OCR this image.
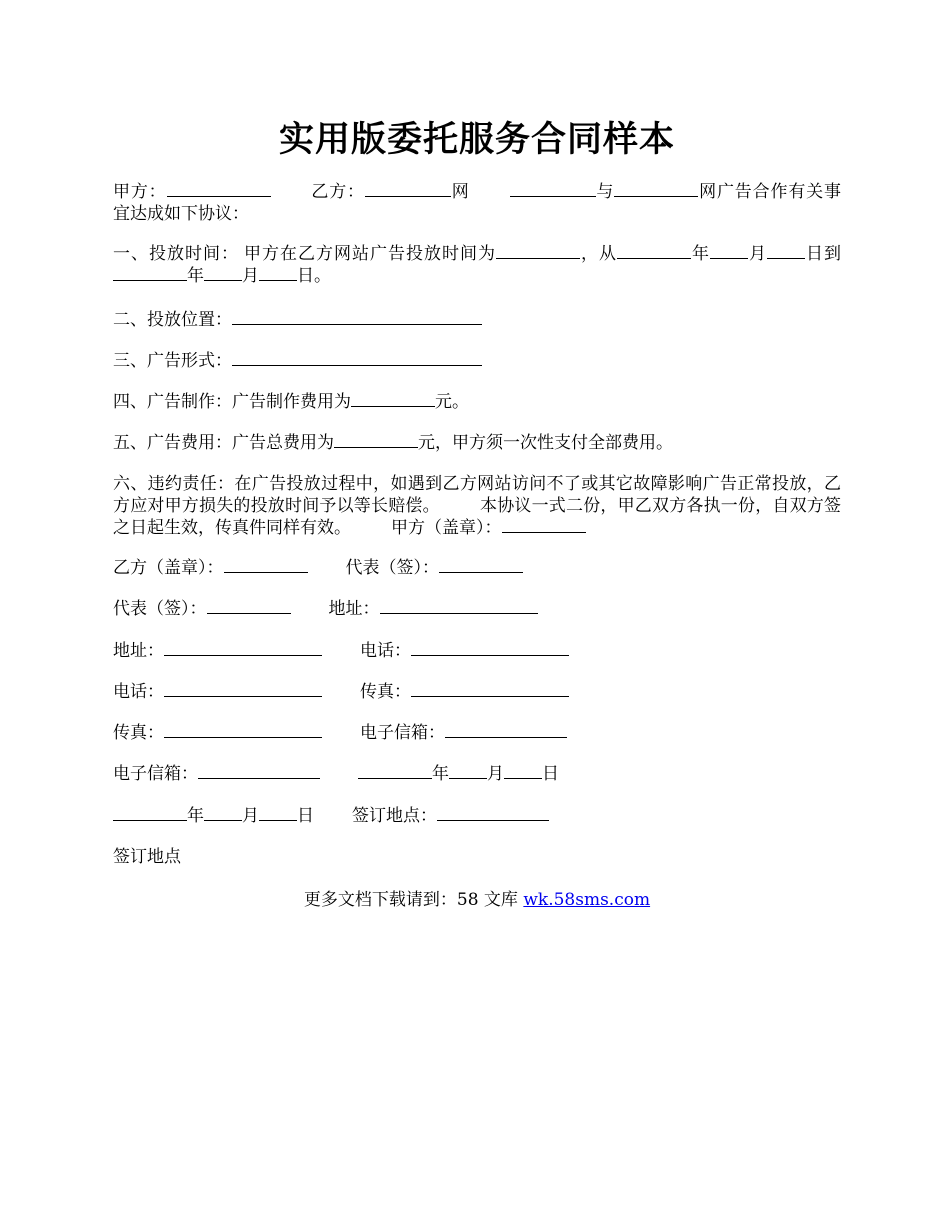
实用版委托服务合同样本
甲方：	乙方：	网	与	网广告合作有关事宜达成如下协议：
一、投放时间： 甲方在乙方网站广告投放时间为	，从	年 月 日到年 月 日。
二、投放位置：
三、广告形式：
四、广告制作：广告制作费用为	元。
五、广告费用：广告总费用为	元，甲方须一次性支付全部费用。
六、违约责任：在广告投放过程中，如遇到乙方网站访问不了或其它故障影响广告正常投放，乙方应对甲方损失的投放时间予以等长赔偿。 本协议一式二份，甲乙双方各执一份，自双方签之日起生效，传真件同样有效。 甲方（盖章）：
乙方（盖章）：	代表（签）：
代表（签）：	地址：
地址：	电话：
电话：	传真：
传真：	电子信箱：
电子信箱：	年 月 日
年 月 日 签订地点：
签订地点
更多文档下载请到：58 文库 wk.58sms.com
